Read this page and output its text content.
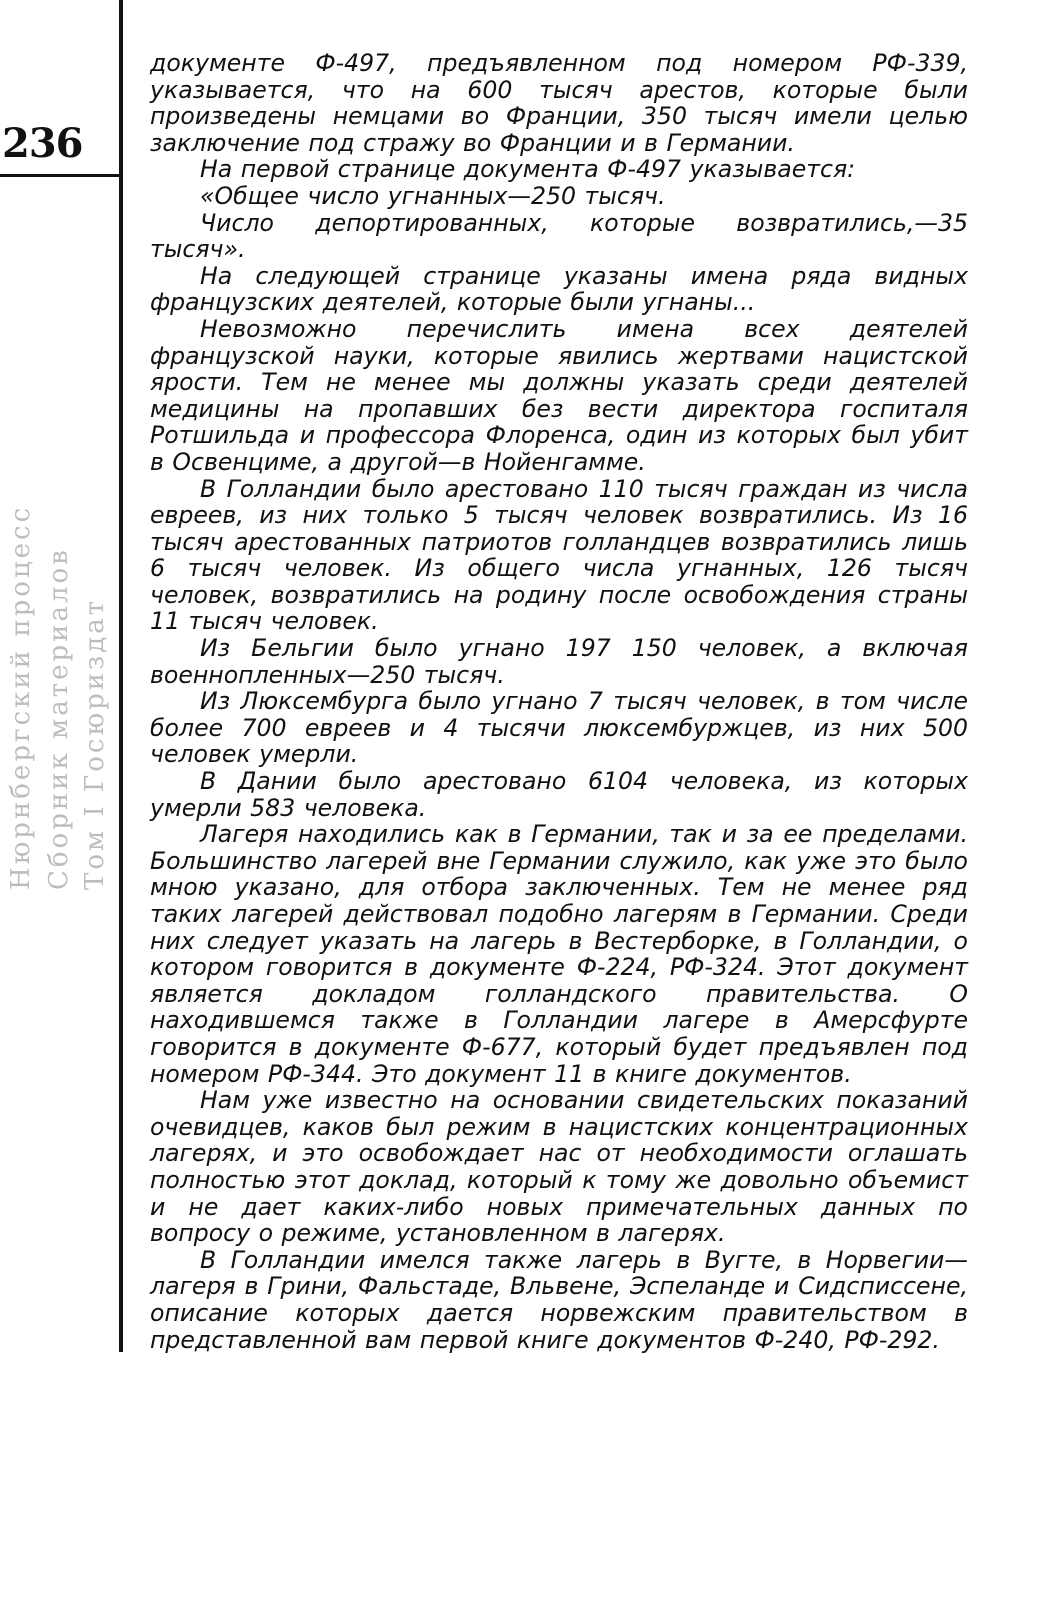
236
Нюрнбергский процесс Сборник материалов Том I Госюриздат

документе Ф-497, предъявленном под номером РФ-339, указывается, что на 600 тысяч арестов, которые были произведены немцами во Франции, 350 тысяч имели целью заключение под стражу во Франции и в Германии.

На первой странице документа Ф-497 указывается:

«Общее число угнанных—250 тысяч.

Число депортированных, которые возвратились,—35 тысяч».

На следующей странице указаны имена ряда видных французских деятелей, которые были угнаны...

Невозможно перечислить имена всех деятелей французской науки, которые явились жертвами нацистской ярости. Тем не менее мы должны указать среди деятелей медицины на пропавших без вести директора госпиталя Ротшильда и профессора Флоренса, один из которых был убит в Освенциме, а другой—в Нойенгамме.

В Голландии было арестовано 110 тысяч граждан из числа евреев, из них только 5 тысяч человек возвратились. Из 16 тысяч арестованных патриотов голландцев возвратились лишь 6 тысяч человек. Из общего числа угнанных, 126 тысяч человек, возвратились на родину после освобождения страны 11 тысяч человек.

Из Бельгии было угнано 197 150 человек, а включая военнопленных—250 тысяч.

Из Люксембурга было угнано 7 тысяч человек, в том числе более 700 евреев и 4 тысячи люксембуржцев, из них 500 человек умерли.

В Дании было арестовано 6104 человека, из которых умерли 583 человека.

Лагеря находились как в Германии, так и за ее пределами. Большинство лагерей вне Германии служило, как уже это было мною указано, для отбора заключенных. Тем не менее ряд таких лагерей действовал подобно лагерям в Германии. Среди них следует указать на лагерь в Вестерборке, в Голландии, о котором говорится в документе Ф-224, РФ-324. Этот документ является докладом голландского правительства. О находившемся также в Голландии лагере в Амерсфурте говорится в документе Ф-677, который будет предъявлен под номером РФ-344. Это документ 11 в книге документов.

Нам уже известно на основании свидетельских показаний очевидцев, каков был режим в нацистских концентрационных лагерях, и это освобождает нас от необходимости оглашать полностью этот доклад, который к тому же довольно объемист и не дает каких-либо новых примечательных данных по вопросу о режиме, установленном в лагерях.

В Голландии имелся также лагерь в Вугте, в Норвегии—лагеря в Грини, Фальстаде, Вльвене, Эспеланде и Сидсписсене, описание которых дается норвежским правительством в представленной вам первой книге документов Ф-240, РФ-292.
